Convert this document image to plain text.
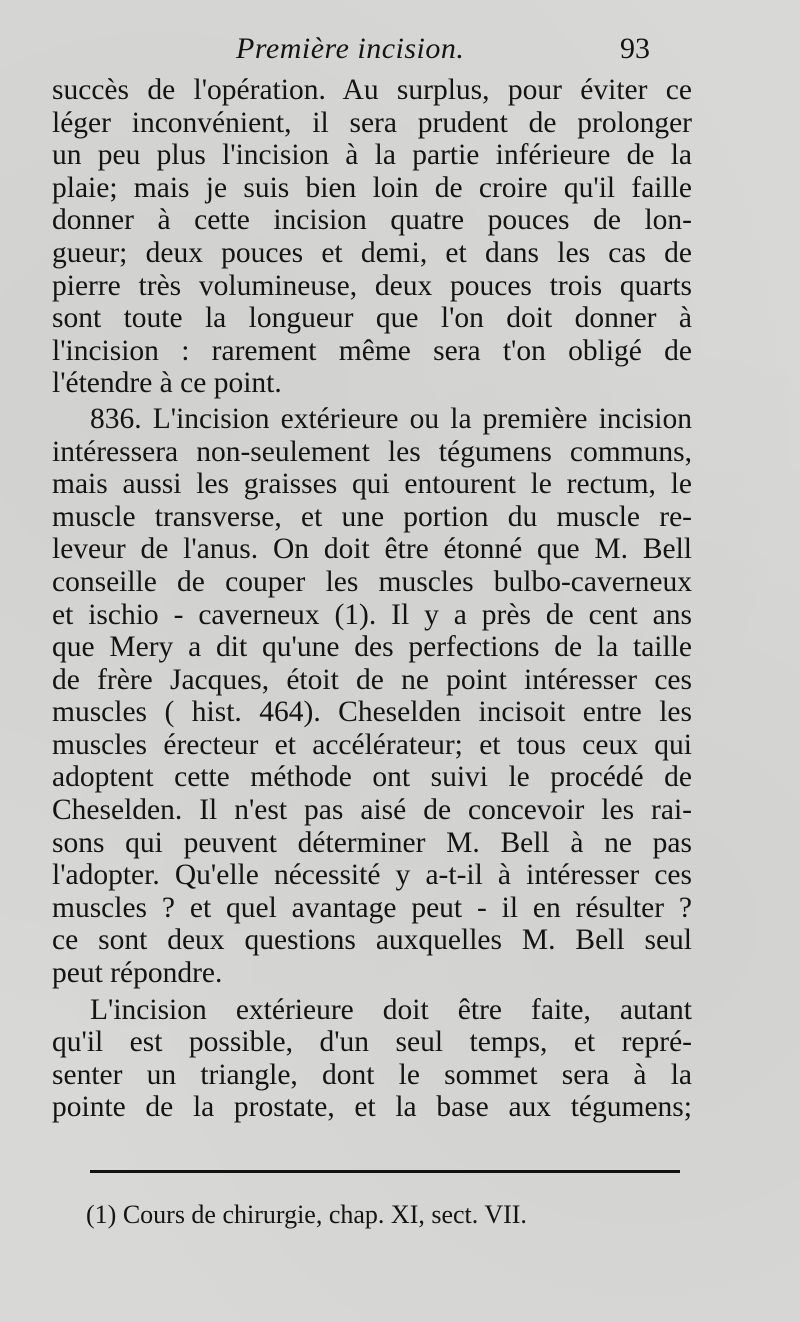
Première incision.	93
succès de l'opération. Au surplus, pour éviter ce
léger inconvénient, il sera prudent de prolonger
un peu plus l'incision à la partie inférieure de la
plaie; mais je suis bien loin de croire qu'il faille
donner à cette incision quatre pouces de lon-
gueur; deux pouces et demi, et dans les cas de
pierre très volumineuse, deux pouces trois quarts
sont toute la longueur que l'on doit donner à
l'incision : rarement même sera t'on obligé de
l'étendre à ce point.
836. L'incision extérieure ou la première incision
intéressera non-seulement les tégumens communs,
mais aussi les graisses qui entourent le rectum, le
muscle transverse, et une portion du muscle re-
leveur de l'anus. On doit être étonné que M. Bell
conseille de couper les muscles bulbo-caverneux
et ischio - caverneux (1). Il y a près de cent ans
que Mery a dit qu'une des perfections de la taille
de frère Jacques, étoit de ne point intéresser ces
muscles ( hist. 464). Cheselden incisoit entre les
muscles érecteur et accélérateur; et tous ceux qui
adoptent cette méthode ont suivi le procédé de
Cheselden. Il n'est pas aisé de concevoir les rai-
sons qui peuvent déterminer M. Bell à ne pas
l'adopter. Qu'elle nécessité y a-t-il à intéresser ces
muscles ? et quel avantage peut - il en résulter ?
ce sont deux questions auxquelles M. Bell seul
peut répondre.
L'incision extérieure doit être faite, autant
qu'il est possible, d'un seul temps, et repré-
senter un triangle, dont le sommet sera à la
pointe de la prostate, et la base aux tégumens;
(1) Cours de chirurgie, chap. XI, sect. VII.
